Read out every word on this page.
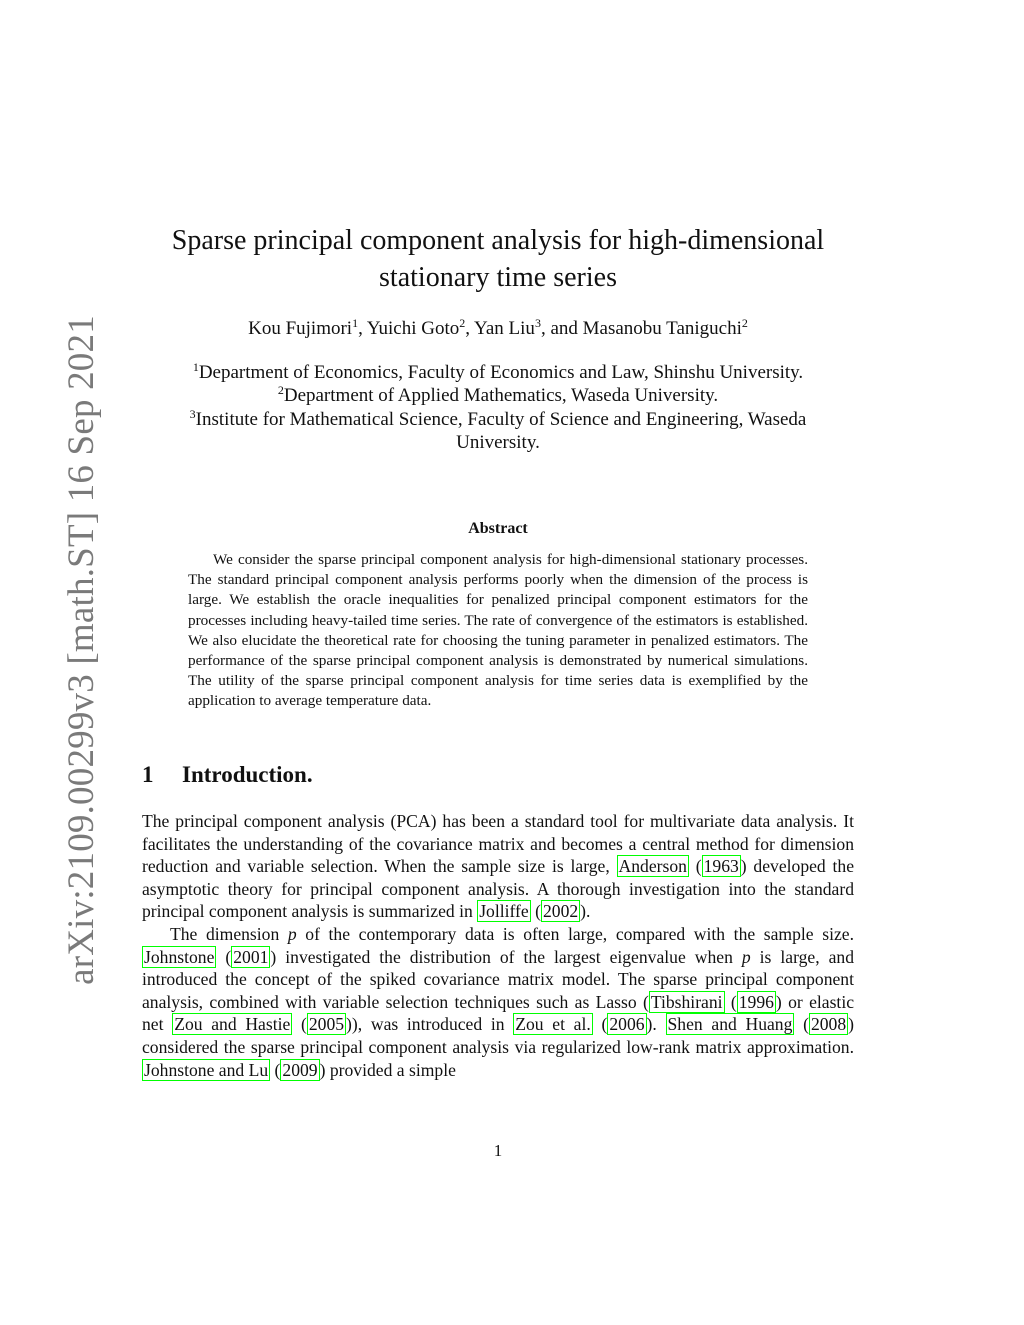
arXiv:2109.00299v3 [math.ST] 16 Sep 2021
Sparse principal component analysis for high-dimensional
stationary time series
Kou Fujimori$^1$, Yuichi Goto$^2$, Yan Liu$^3$, and Masanobu Taniguchi$^2$
$^1$Department of Economics, Faculty of Economics and Law, Shinshu University.
$^2$Department of Applied Mathematics, Waseda University.
$^3$Institute for Mathematical Science, Faculty of Science and Engineering, Waseda University.
Abstract
We consider the sparse principal component analysis for high-dimensional stationary processes. The standard principal component analysis performs poorly when the dimension of the process is large. We establish the oracle inequalities for penalized principal component estimators for the processes including heavy-tailed time series. The rate of convergence of the estimators is established. We also elucidate the theoretical rate for choosing the tuning parameter in penalized estimators. The performance of the sparse principal component analysis is demonstrated by numerical simulations. The utility of the sparse principal component analysis for time series data is exemplified by the application to average temperature data.
1 Introduction.

The principal component analysis (PCA) has been a standard tool for multivariate data analysis. It facilitates the understanding of the covariance matrix and becomes a central method for dimension reduction and variable selection. When the sample size is large, Anderson ( 1963 ) developed the asymptotic theory for principal component analysis. A thorough investigation into the standard principal component analysis is summarized in Jolliffe ( 2002 ).

The dimension p of the contemporary data is often large, compared with the sample size. Johnstone ( 2001 ) investigated the distribution of the largest eigenvalue when p is large, and introduced the concept of the spiked covariance matrix model. The sparse principal component analysis, combined with variable selection techniques such as Lasso ( Tibshirani ( 1996 ) or elastic net Zou and Hastie ( 2005 )), was introduced in Zou et al. ( 2006 ). Shen and Huang ( 2008 ) considered the sparse principal component analysis via regularized low-rank matrix approximation. Johnstone and Lu ( 2009 ) provided a simple

1
